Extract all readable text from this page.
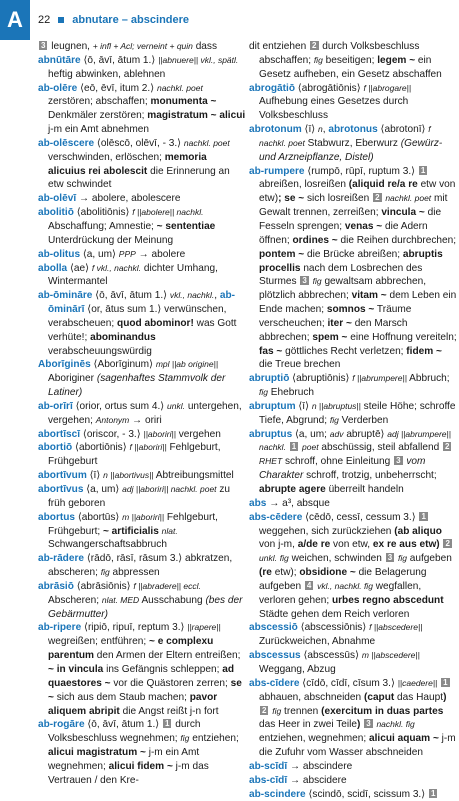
A	22 abnutare – abscindere

3 leugnen, + infl + Acl; verneint + quin dass

abnūtāre ⟨ō, āvī, ātum 1.⟩ ||abnuere|| vkl., spätl. heftig abwinken, ablehnen

ab-olēre ⟨eō, ēvī, itum 2.⟩ nachkl. poet zerstören; abschaffen; monumenta ~ Denkmäler zerstören; magistratum ~ alicui j-m ein Amt abnehmen

ab-olēscere ⟨olēscō, olēvī, - 3.⟩ nachkl. poet verschwinden, erlöschen; memoria alicuius rei abolescit die Erinnerung an etw schwindet

ab-olēvī → abolere, abolescere

abolitiō ⟨abolitiōnis⟩ f ||abolere|| nachkl. Abschaffung; Amnestie; ~ sententiae Unterdrückung der Meinung

ab-olitus ⟨a, um⟩ PPP → abolere

abolla ⟨ae⟩ f vkl., nachkl. dichter Umhang, Wintermantel

ab-ōmināre ⟨ō, āvī, ātum 1.⟩ vkl., nachkl., ab-ōminārī ⟨or, ātus sum 1.⟩ verwünschen, verabscheuen; quod abominor! was Gott verhüte!; abominandus verabscheuungswürdig

Aborīginēs ⟨Aborīginum⟩ mpl ||ab origine|| Aboriginer (sagenhaftes Stammvolk der Latiner)

ab-orīrī ⟨orior, ortus sum 4.⟩ unkl. untergehen, vergehen; Antonym → oriri

abortīscī ⟨oriscor, - 3.⟩ ||aboriri|| vergehen

abortiō ⟨abortiōnis⟩ f ||aboriri|| Fehlgeburt, Frühgeburt

abortīvum ⟨ī⟩ n ||abortivus|| Abtreibungsmittel

abortīvus ⟨a, um⟩ adj ||aboriri|| nachkl. poet zu früh geboren

abortus ⟨abortūs⟩ m ||aboriri|| Fehlgeburt, Frühgeburt; ~ artificialis nlat. Schwangerschaftsabbruch

ab-rādere ⟨rādō, rāsī, rāsum 3.⟩ abkratzen, abscheren; fig abpressen

abrāsiō ⟨abrāsiōnis⟩ f ||abradere|| eccl. Abscheren; nlat. MED Ausschabung (bes der Gebärmutter)

ab-ripere ⟨ripiō, ripuī, reptum 3.⟩ ||rapere|| wegreißen; entführen; ~ e complexu parentum den Armen der Eltern entreißen; ~ in vincula ins Gefängnis schleppen; ad quaestores ~ vor die Quästoren zerren; se ~ sich aus dem Staub machen; pavor aliquem abripit die Angst reißt j-n fort

ab-rogāre ⟨ō, āvī, ātum 1.⟩ 1 durch Volksbeschluss wegnehmen; fig entziehen; alicui magistratum ~ j-m ein Amt wegnehmen; alicui fidem ~ j-m das Vertrauen / den Kre-

dit entziehen 2 durch Volksbeschluss abschaffen; fig beseitigen; legem ~ ein Gesetz aufheben, ein Gesetz abschaffen

abrogātiō ⟨abrogātiōnis⟩ f ||abrogare|| Aufhebung eines Gesetzes durch Volksbeschluss

abrotonum ⟨ī⟩ n, abrotonus ⟨abrotonī⟩ f nachkl. poet Stabwurz, Eberwurz (Gewürz- und Arzneipflanze, Distel)

ab-rumpere ⟨rumpō, rūpī, ruptum 3.⟩ 1 abreißen, losreißen (aliquid re/a re etw von etw); se ~ sich losreißen 2 nachkl. poet mit Gewalt trennen, zerreißen; vincula ~ die Fesseln sprengen; venas ~ die Adern öffnen; ordines ~ die Reihen durchbrechen; pontem ~ die Brücke abreißen; abruptis procellis nach dem Losbrechen des Sturmes 3 fig gewaltsam abbrechen, plötzlich abbrechen; vitam ~ dem Leben ein Ende machen; somnos ~ Träume verscheuchen; iter ~ den Marsch abbrechen; spem ~ eine Hoffnung vereiteln; fas ~ göttliches Recht verletzen; fidem ~ die Treue brechen

abruptiō ⟨abruptiōnis⟩ f ||abrumpere|| Abbruch; fig Ehebruch

abruptum ⟨ī⟩ n ||abruptus|| steile Höhe; schroffe Tiefe, Abgrund; fig Verderben

abruptus ⟨a, um; adv abruptē⟩ adj ||abrumpere|| nachkl. 1 poet abschüssig, steil abfallend 2 RHET schroff, ohne Einleitung 3 vom Charakter schroff, trotzig, unbeherrscht; abrupte agere überreilt handeln

abs → a³, absque

abs-cēdere ⟨cēdō, cessī, cessum 3.⟩ 1 weggehen, sich zurückziehen (ab aliquo von j-m, a/de re von etw, ex re aus etw) 2 unkl. fig weichen, schwinden 3 fig aufgeben (re etw); obsidione ~ die Belagerung aufgeben 4 vkl., nachkl. fig wegfallen, verloren gehen; urbes regno abscedunt Städte gehen dem Reich verloren

abscessiō ⟨abscessiōnis⟩ f ||abscedere|| Zurückweichen, Abnahme

abscessus ⟨abscessūs⟩ m ||abscedere|| Weggang, Abzug

abs-cīdere ⟨cīdō, cīdī, cīsum 3.⟩ ||caedere|| 1 abhauen, abschneiden (caput das Haupt) 2 fig trennen (exercitum in duas partes das Heer in zwei Teile) 3 nachkl. fig entziehen, wegnehmen; alicui aquam ~ j-m die Zufuhr vom Wasser abschneiden

ab-scīdī → abscindere

abs-cīdī → abscidere

ab-scindere ⟨scindō, scidī, scissum 3.⟩ 1
